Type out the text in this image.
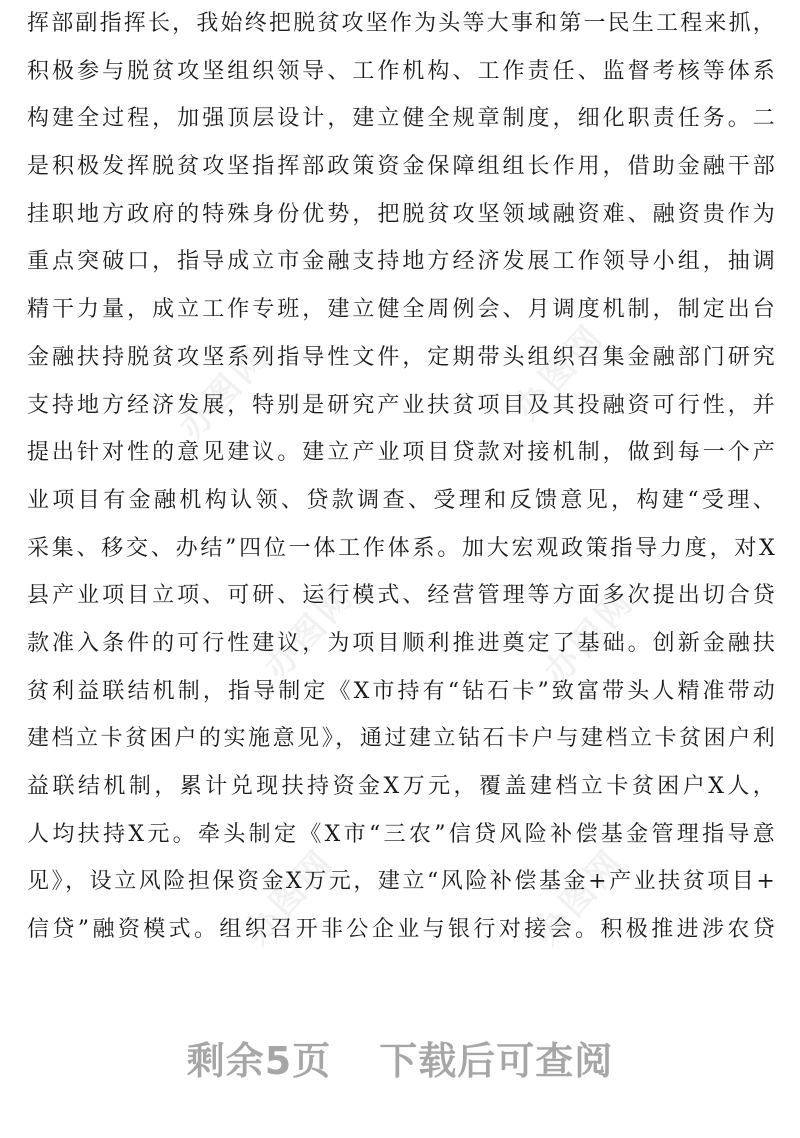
办图网	办图网
办图网	办图网
办图网	办图网
挥部副指挥长，我始终把脱贫攻坚作为头等大事和第一民生工程来抓，
积极参与脱贫攻坚组织领导、工作机构、工作责任、监督考核等体系
构建全过程，加强顶层设计，建立健全规章制度，细化职责任务。二
是积极发挥脱贫攻坚指挥部政策资金保障组组长作用，借助金融干部
挂职地方政府的特殊身份优势，把脱贫攻坚领域融资难、融资贵作为
重点突破口，指导成立市金融支持地方经济发展工作领导小组，抽调
精干力量，成立工作专班，建立健全周例会、月调度机制，制定出台
金融扶持脱贫攻坚系列指导性文件，定期带头组织召集金融部门研究
支持地方经济发展，特别是研究产业扶贫项目及其投融资可行性，并
提出针对性的意见建议。建立产业项目贷款对接机制，做到每一个产
业项目有金融机构认领、贷款调查、受理和反馈意见，构建“受理、
采集、移交、办结”四位一体工作体系。加大宏观政策指导力度，对X
县产业项目立项、可研、运行模式、经营管理等方面多次提出切合贷
款准入条件的可行性建议，为项目顺利推进奠定了基础。创新金融扶
贫利益联结机制，指导制定《X市持有“钻石卡”致富带头人精准带动
建档立卡贫困户的实施意见》，通过建立钻石卡户与建档立卡贫困户利
益联结机制，累计兑现扶持资金X万元，覆盖建档立卡贫困户X人，
人均扶持X元。牵头制定《X市“三农”信贷风险补偿基金管理指导意
见》，设立风险担保资金X万元，建立“风险补偿基金+产业扶贫项目+
信贷”融资模式。组织召开非公企业与银行对接会。积极推进涉农贷
剩余5页 下载后可查阅
